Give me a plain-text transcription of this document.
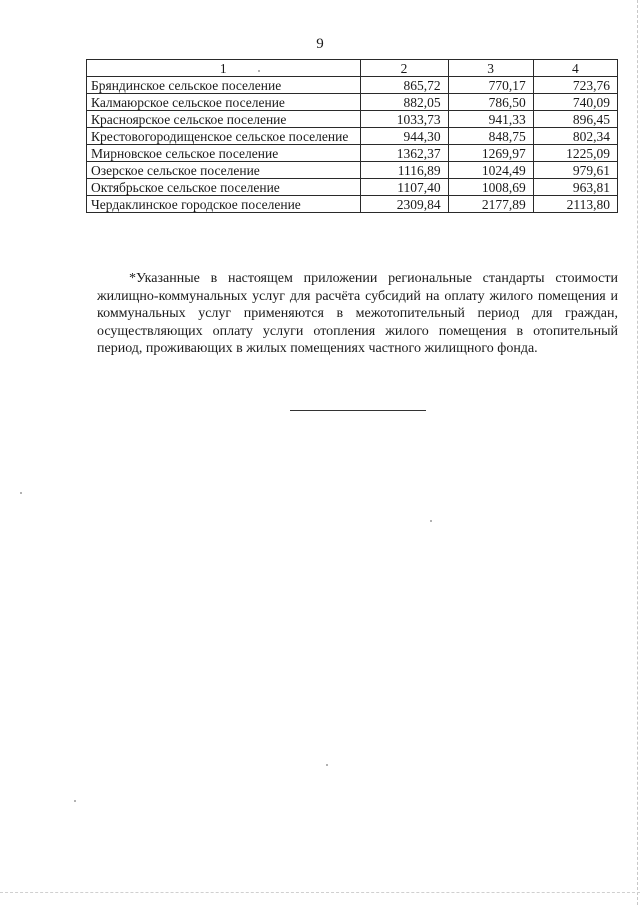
9
1	2	3	4
Бряндинское сельское поселение	865,72	770,17	723,76
Калмаюрское сельское поселение	882,05	786,50	740,09
Красноярское сельское поселение	1033,73	941,33	896,45
Крестовогородищенское сельское поселение	944,30	848,75	802,34
Мирновское сельское поселение	1362,37	1269,97	1225,09
Озерское сельское поселение	1116,89	1024,49	979,61
Октябрьское сельское поселение	1107,40	1008,69	963,81
Чердаклинское городское поселение	2309,84	2177,89	2113,80

*Указанные в настоящем приложении региональные стандарты стоимости жилищно-коммунальных услуг для расчёта субсидий на оплату жилого помещения и коммунальных услуг применяются в межотопительный период для граждан, осуществляющих оплату услуги отопления жилого помещения в отопительный период, проживающих в жилых помещениях частного жилищного фонда.
